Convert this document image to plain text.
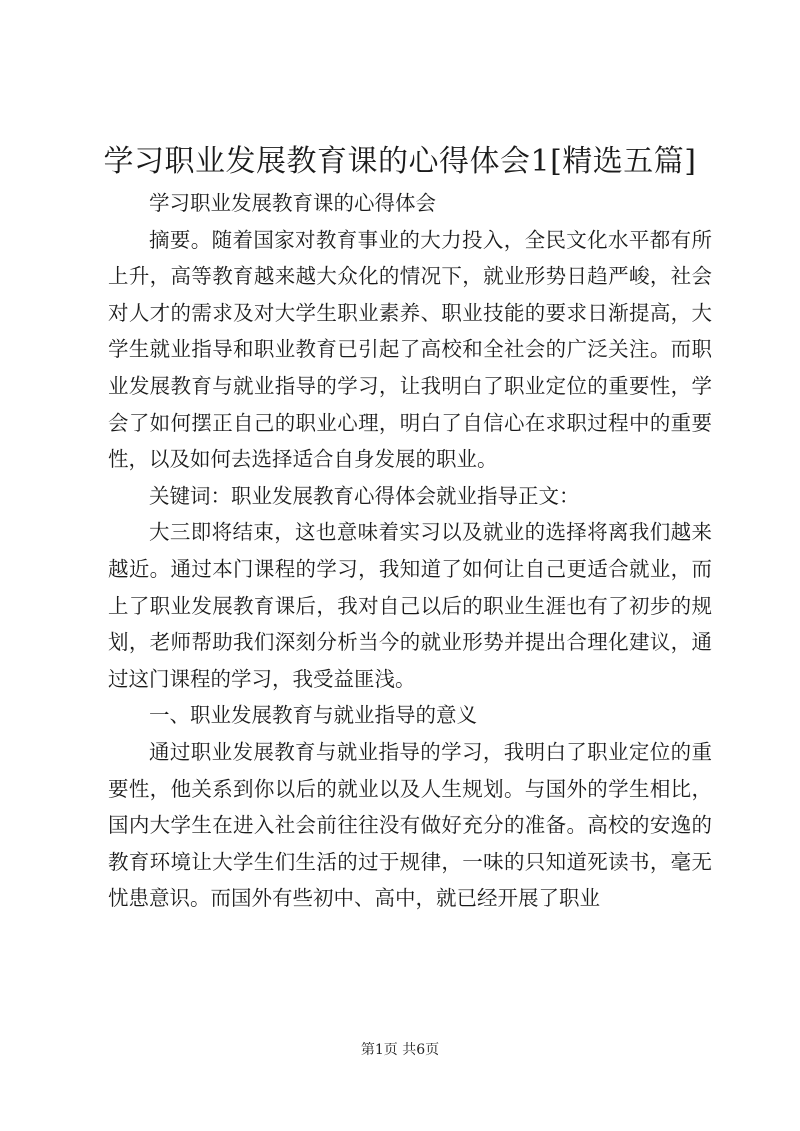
学习职业发展教育课的心得体会1[精选五篇]

学习职业发展教育课的心得体会

摘要。随着国家对教育事业的大力投入，全民文化水平都有所上升，高等教育越来越大众化的情况下，就业形势日趋严峻，社会对人才的需求及对大学生职业素养、职业技能的要求日渐提高，大学生就业指导和职业教育已引起了高校和全社会的广泛关注。而职业发展教育与就业指导的学习，让我明白了职业定位的重要性，学会了如何摆正自己的职业心理，明白了自信心在求职过程中的重要性，以及如何去选择适合自身发展的职业。

关键词：职业发展教育心得体会就业指导正文：

大三即将结束，这也意味着实习以及就业的选择将离我们越来越近。通过本门课程的学习，我知道了如何让自己更适合就业，而上了职业发展教育课后，我对自己以后的职业生涯也有了初步的规划，老师帮助我们深刻分析当今的就业形势并提出合理化建议，通过这门课程的学习，我受益匪浅。

一、职业发展教育与就业指导的意义

通过职业发展教育与就业指导的学习，我明白了职业定位的重要性，他关系到你以后的就业以及人生规划。与国外的学生相比，国内大学生在进入社会前往往没有做好充分的准备。高校的安逸的教育环境让大学生们生活的过于规律，一味的只知道死读书，毫无忧患意识。而国外有些初中、高中，就已经开展了职业

第1页 共6页
